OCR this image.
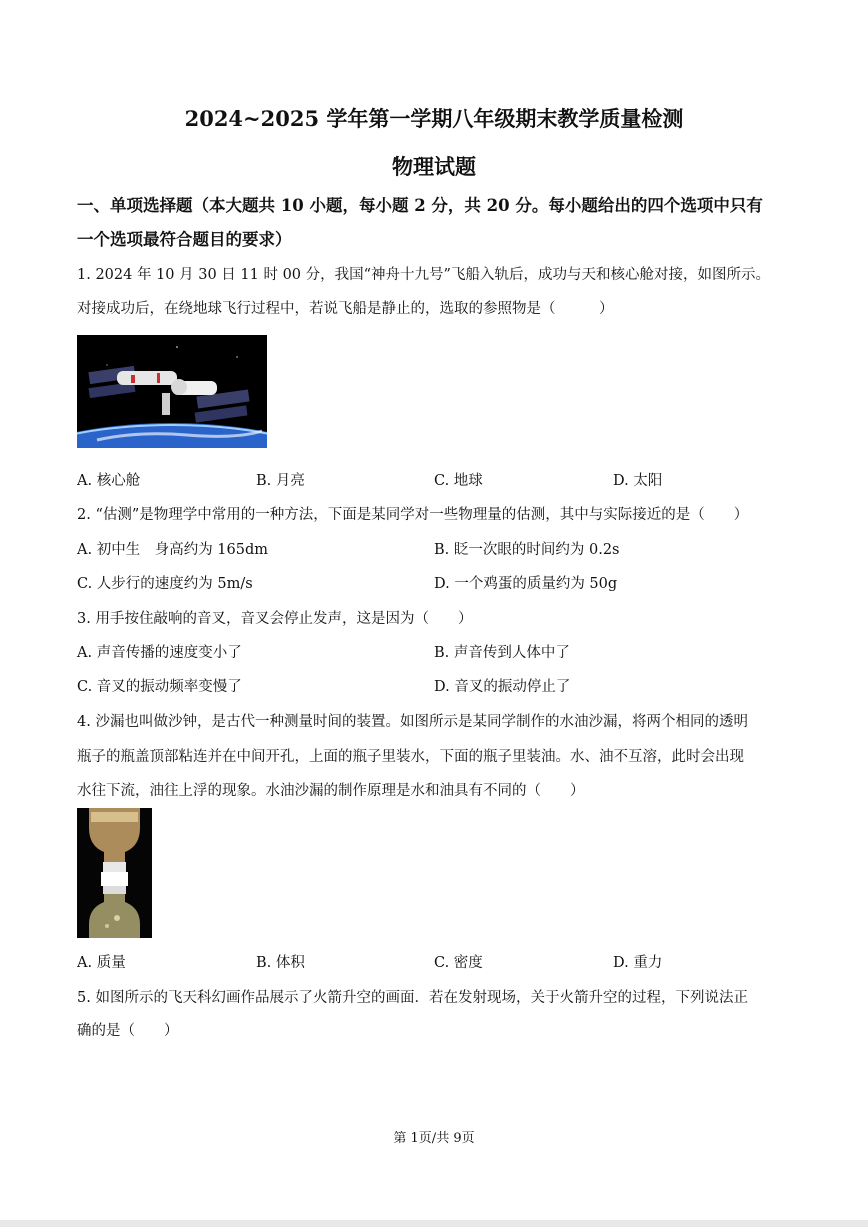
2024~2025 学年第一学期八年级期末教学质量检测
物理试题
一、单项选择题（本大题共 10 小题，每小题 2 分，共 20 分。每小题给出的四个选项中只有
一个选项最符合题目的要求）
1. 2024 年 10 月 30 日 11 时 00 分，我国“神舟十九号”飞船入轨后，成功与天和核心舱对接，如图所示。
对接成功后，在绕地球飞行过程中，若说飞船是静止的，选取的参照物是（　　　）
A. 核心舱	B. 月亮	C. 地球	D. 太阳
2. “估测”是物理学中常用的一种方法，下面是某同学对一些物理量的估测，其中与实际接近的是（　　）
A. 初中生　身高约为 165dm	B. 眨一次眼的时间约为 0.2s
C. 人步行的速度约为 5m/s	D. 一个鸡蛋的质量约为 50g
3. 用手按住敲响的音叉，音叉会停止发声，这是因为（　　）
A. 声音传播的速度变小了	B. 声音传到人体中了
C. 音叉的振动频率变慢了	D. 音叉的振动停止了
4. 沙漏也叫做沙钟，是古代一种测量时间的装置。如图所示是某同学制作的水油沙漏，将两个相同的透明
瓶子的瓶盖顶部粘连并在中间开孔，上面的瓶子里装水，下面的瓶子里装油。水、油不互溶，此时会出现
水往下流，油往上浮的现象。水油沙漏的制作原理是水和油具有不同的（　　）
A. 质量	B. 体积	C. 密度	D. 重力
5. 如图所示的飞天科幻画作品展示了火箭升空的画面．若在发射现场，关于火箭升空的过程，下列说法正
确的是（　　）
第 1页/共 9页
